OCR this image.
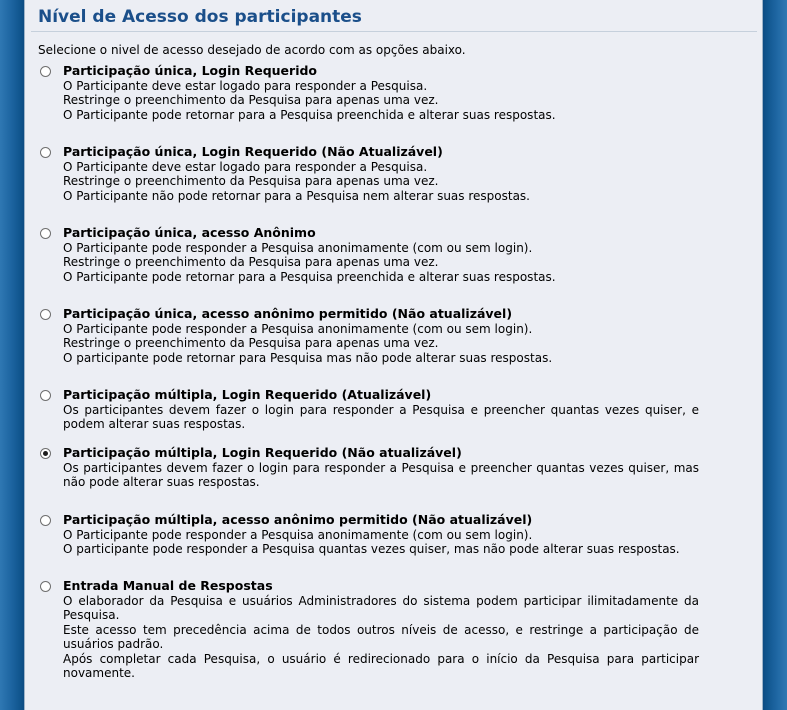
Nível de Acesso dos participantes

Selecione o nivel de acesso desejado de acordo com as opções abaixo.

Participação única, Login Requerido
O Participante deve estar logado para responder a Pesquisa.
Restringe o preenchimento da Pesquisa para apenas uma vez.
O Participante pode retornar para a Pesquisa preenchida e alterar suas respostas.
Participação única, Login Requerido (Não Atualizável)
O Participante deve estar logado para responder a Pesquisa.
Restringe o preenchimento da Pesquisa para apenas uma vez.
O Participante não pode retornar para a Pesquisa nem alterar suas respostas.
Participação única, acesso Anônimo
O Participante pode responder a Pesquisa anonimamente (com ou sem login).
Restringe o preenchimento da Pesquisa para apenas uma vez.
O Participante pode retornar para a Pesquisa preenchida e alterar suas respostas.
Participação única, acesso anônimo permitido (Não atualizável)
O Participante pode responder a Pesquisa anonimamente (com ou sem login).
Restringe o preenchimento da Pesquisa para apenas uma vez.
O participante pode retornar para Pesquisa mas não pode alterar suas respostas.
Participação múltipla, Login Requerido (Atualizável)
Os participantes devem fazer o login para responder a Pesquisa e preencher quantas vezes quiser, e podem alterar suas respostas.
Participação múltipla, Login Requerido (Não atualizável)
Os participantes devem fazer o login para responder a Pesquisa e preencher quantas vezes quiser, mas não pode alterar suas respostas.
Participação múltipla, acesso anônimo permitido (Não atualizável)
O Participante pode responder a Pesquisa anonimamente (com ou sem login).
O participante pode responder a Pesquisa quantas vezes quiser, mas não pode alterar suas respostas.
Entrada Manual de Respostas
O elaborador da Pesquisa e usuários Administradores do sistema podem participar ilimitadamente da Pesquisa.
Este acesso tem precedência acima de todos outros níveis de acesso, e restringe a participação de usuários padrão.
Após completar cada Pesquisa, o usuário é redirecionado para o início da Pesquisa para participar novamente.
